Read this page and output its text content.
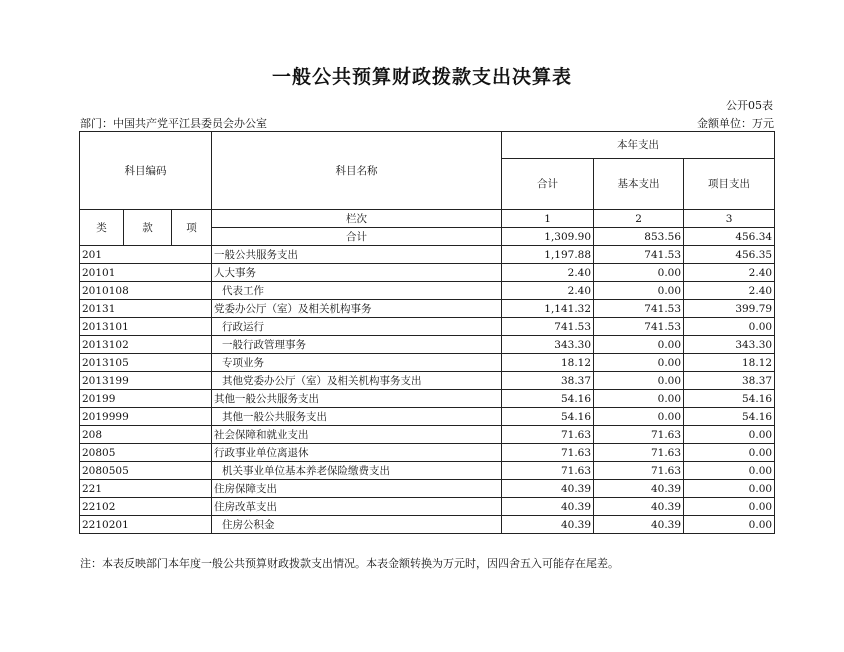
一般公共预算财政拨款支出决算表
公开05表
部门：中国共产党平江县委员会办公室	金额单位：万元
科目编码			科目名称	本年支出		
				合计	基本支出	项目支出
类	款	项	栏次	1	2	3
			合计	1,309.90	853.56	456.34
201			一般公共服务支出	1,197.88	741.53	456.35
20101			人大事务	2.40	0.00	2.40
2010108			代表工作	2.40	0.00	2.40
20131			党委办公厅（室）及相关机构事务	1,141.32	741.53	399.79
2013101			行政运行	741.53	741.53	0.00
2013102			一般行政管理事务	343.30	0.00	343.30
2013105			专项业务	18.12	0.00	18.12
2013199			其他党委办公厅（室）及相关机构事务支出	38.37	0.00	38.37
20199			其他一般公共服务支出	54.16	0.00	54.16
2019999			其他一般公共服务支出	54.16	0.00	54.16
208			社会保障和就业支出	71.63	71.63	0.00
20805			行政事业单位离退休	71.63	71.63	0.00
2080505			机关事业单位基本养老保险缴费支出	71.63	71.63	0.00
221			住房保障支出	40.39	40.39	0.00
22102			住房改革支出	40.39	40.39	0.00
2210201			住房公积金	40.39	40.39	0.00
注：本表反映部门本年度一般公共预算财政拨款支出情况。本表金额转换为万元时，因四舍五入可能存在尾差。
